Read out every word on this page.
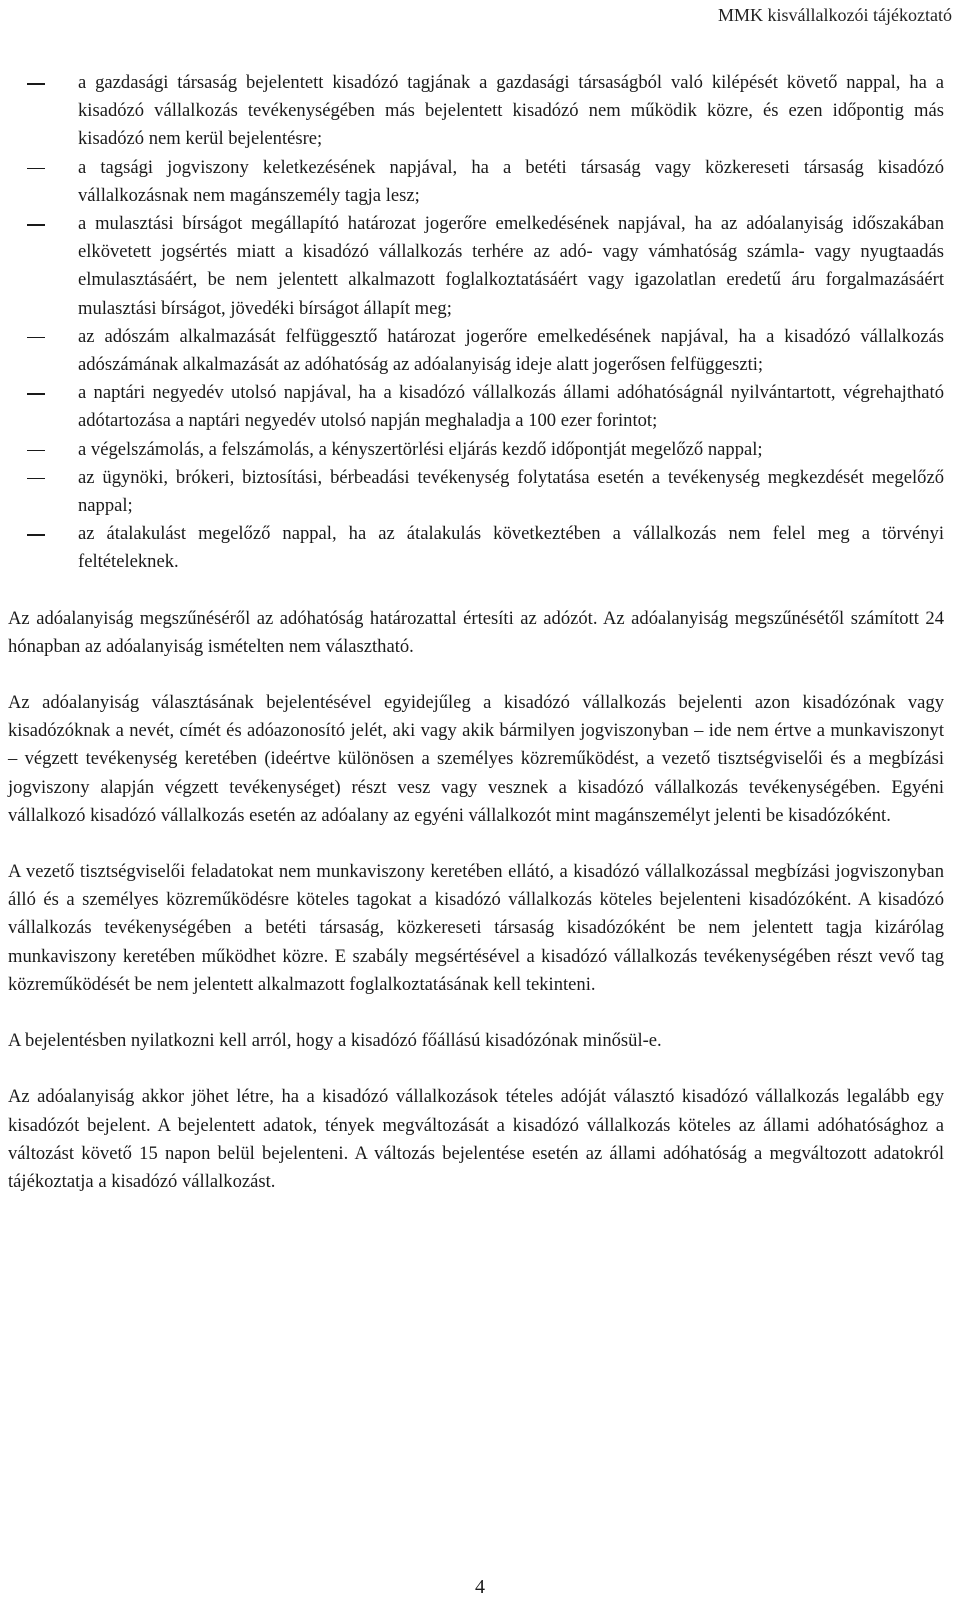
MMK kisvállalkozói tájékoztató
a gazdasági társaság bejelentett kisadózó tagjának a gazdasági társaságból való kilépését követő nappal, ha a kisadózó vállalkozás tevékenységében más bejelentett kisadózó nem működik közre, és ezen időpontig más kisadózó nem kerül bejelentésre;
a tagsági jogviszony keletkezésének napjával, ha a betéti társaság vagy közkereseti társaság kisadózó vállalkozásnak nem magánszemély tagja lesz;
a mulasztási bírságot megállapító határozat jogerőre emelkedésének napjával, ha az adóalanyiság időszakában elkövetett jogsértés miatt a kisadózó vállalkozás terhére az adó- vagy vámhatóság számla- vagy nyugtaadás elmulasztásáért, be nem jelentett alkalmazott foglalkoztatásáért vagy igazolatlan eredetű áru forgalmazásáért mulasztási bírságot, jövedéki bírságot állapít meg;
az adószám alkalmazását felfüggesztő határozat jogerőre emelkedésének napjával, ha a kisadózó vállalkozás adószámának alkalmazását az adóhatóság az adóalanyiság ideje alatt jogerősen felfüggeszti;
a naptári negyedév utolsó napjával, ha a kisadózó vállalkozás állami adóhatóságnál nyilvántartott, végrehajtható adótartozása a naptári negyedév utolsó napján meghaladja a 100 ezer forintot;
a végelszámolás, a felszámolás, a kényszertörlési eljárás kezdő időpontját megelőző nappal;
az ügynöki, brókeri, biztosítási, bérbeadási tevékenység folytatása esetén a tevékenység megkezdését megelőző nappal;
az átalakulást megelőző nappal, ha az átalakulás következtében a vállalkozás nem felel meg a törvényi feltételeknek.

Az adóalanyiság megszűnéséről az adóhatóság határozattal értesíti az adózót. Az adóalanyiság megszűnésétől számított 24 hónapban az adóalanyiság ismételten nem választható.

Az adóalanyiság választásának bejelentésével egyidejűleg a kisadózó vállalkozás bejelenti azon kisadózónak vagy kisadózóknak a nevét, címét és adóazonosító jelét, aki vagy akik bármilyen jogviszonyban – ide nem értve a munkaviszonyt – végzett tevékenység keretében (ideértve különösen a személyes közreműködést, a vezető tisztségviselői és a megbízási jogviszony alapján végzett tevékenységet) részt vesz vagy vesznek a kisadózó vállalkozás tevékenységében. Egyéni vállalkozó kisadózó vállalkozás esetén az adóalany az egyéni vállalkozót mint magánszemélyt jelenti be kisadózóként.

A vezető tisztségviselői feladatokat nem munkaviszony keretében ellátó, a kisadózó vállalkozással megbízási jogviszonyban álló és a személyes közreműködésre köteles tagokat a kisadózó vállalkozás köteles bejelenteni kisadózóként. A kisadózó vállalkozás tevékenységében a betéti társaság, közkereseti társaság kisadózóként be nem jelentett tagja kizárólag munkaviszony keretében működhet közre. E szabály megsértésével a kisadózó vállalkozás tevékenységében részt vevő tag közreműködését be nem jelentett alkalmazott foglalkoztatásának kell tekinteni.

A bejelentésben nyilatkozni kell arról, hogy a kisadózó főállású kisadózónak minősül-e.

Az adóalanyiság akkor jöhet létre, ha a kisadózó vállalkozások tételes adóját választó kisadózó vállalkozás legalább egy kisadózót bejelent. A bejelentett adatok, tények megváltozását a kisadózó vállalkozás köteles az állami adóhatósághoz a változást követő 15 napon belül bejelenteni. A változás bejelentése esetén az állami adóhatóság a megváltozott adatokról tájékoztatja a kisadózó vállalkozást.

4
